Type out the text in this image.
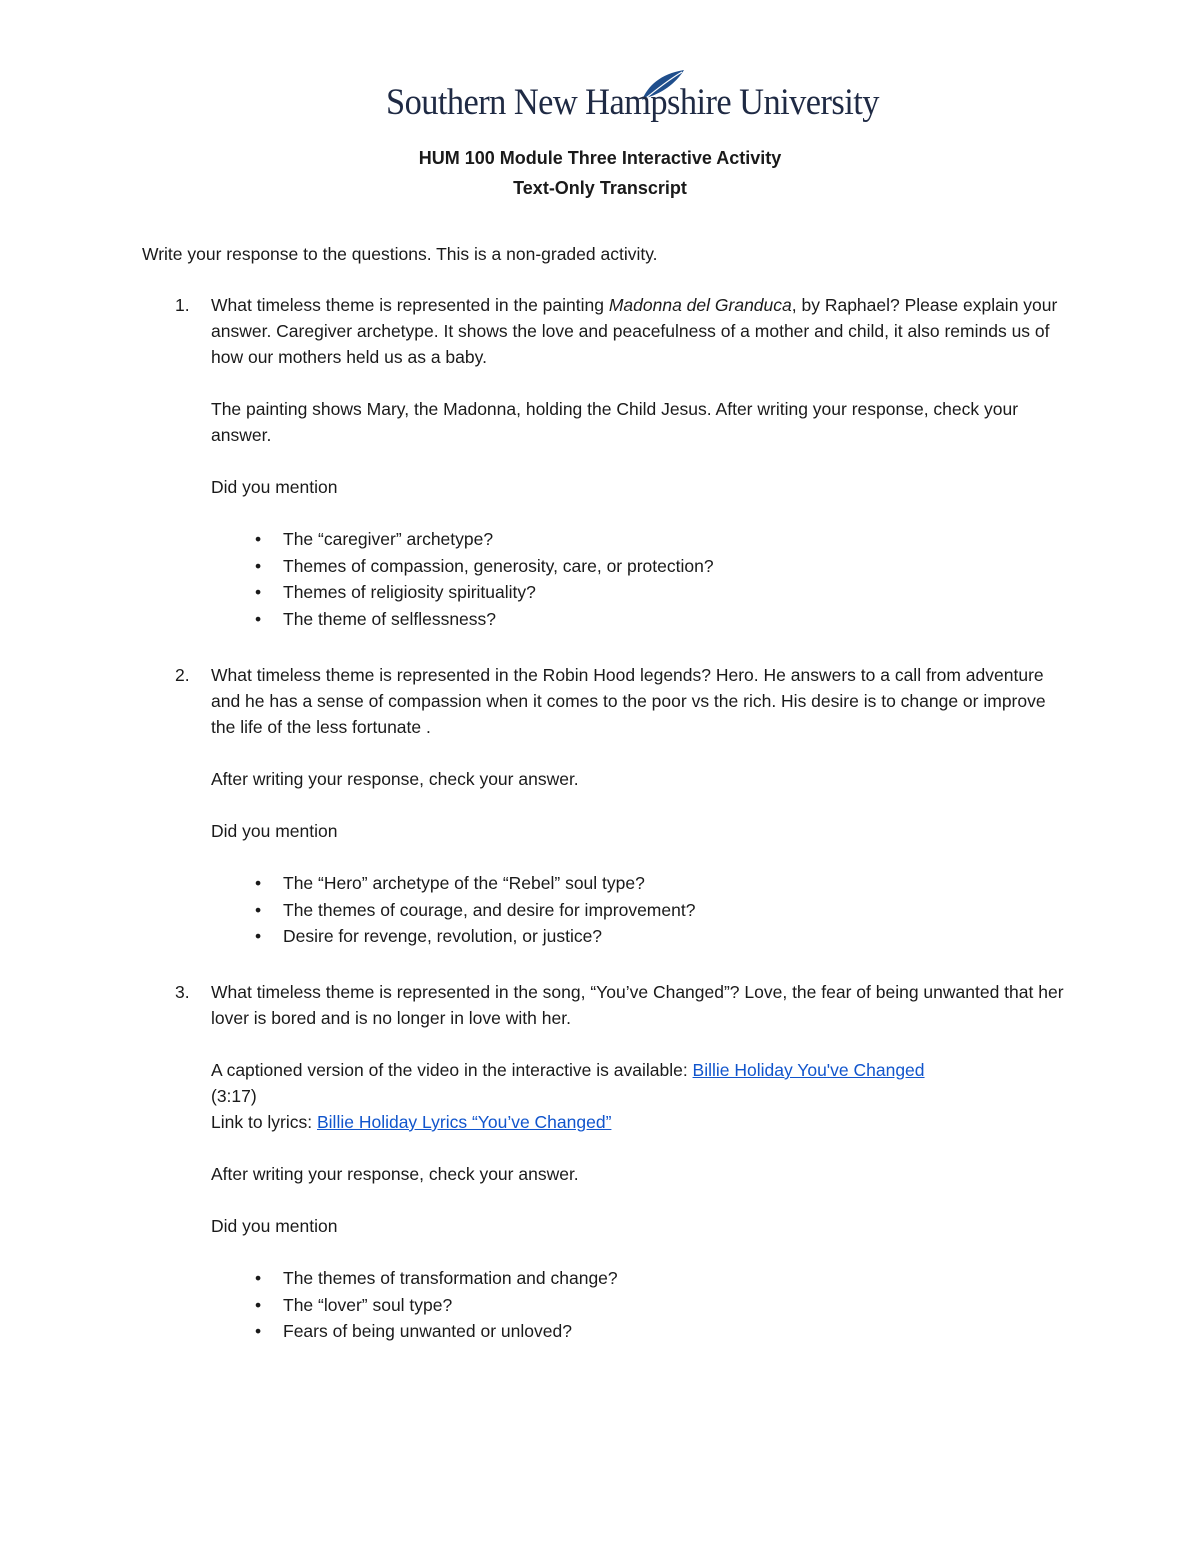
Southern New Hampshire University
HUM 100 Module Three Interactive Activity
Text-Only Transcript
Write your response to the questions. This is a non-graded activity.
1.	What timeless theme is represented in the painting Madonna del Granduca, by Raphael? Please explain your answer. Caregiver archetype. It shows the love and peacefulness of a mother and child, it also reminds us of how our mothers held us as a baby.

The painting shows Mary, the Madonna, holding the Child Jesus. After writing your response, check your answer.

Did you mention

• The “caregiver” archetype?
• Themes of compassion, generosity, care, or protection?
• Themes of religiosity spirituality?
• The theme of selflessness?
2.	What timeless theme is represented in the Robin Hood legends? Hero. He answers to a call from adventure and he has a sense of compassion when it comes to the poor vs the rich. His desire is to change or improve the life of the less fortunate .

After writing your response, check your answer.

Did you mention

• The “Hero” archetype of the “Rebel” soul type?
• The themes of courage, and desire for improvement?
• Desire for revenge, revolution, or justice?
3.	What timeless theme is represented in the song, “You’ve Changed”? Love, the fear of being unwanted that her lover is bored and is no longer in love with her.

A captioned version of the video in the interactive is available: Billie Holiday You've Changed
(3:17)
Link to lyrics: Billie Holiday Lyrics “You’ve Changed”

After writing your response, check your answer.

Did you mention

• The themes of transformation and change?
• The “lover” soul type?
• Fears of being unwanted or unloved?
